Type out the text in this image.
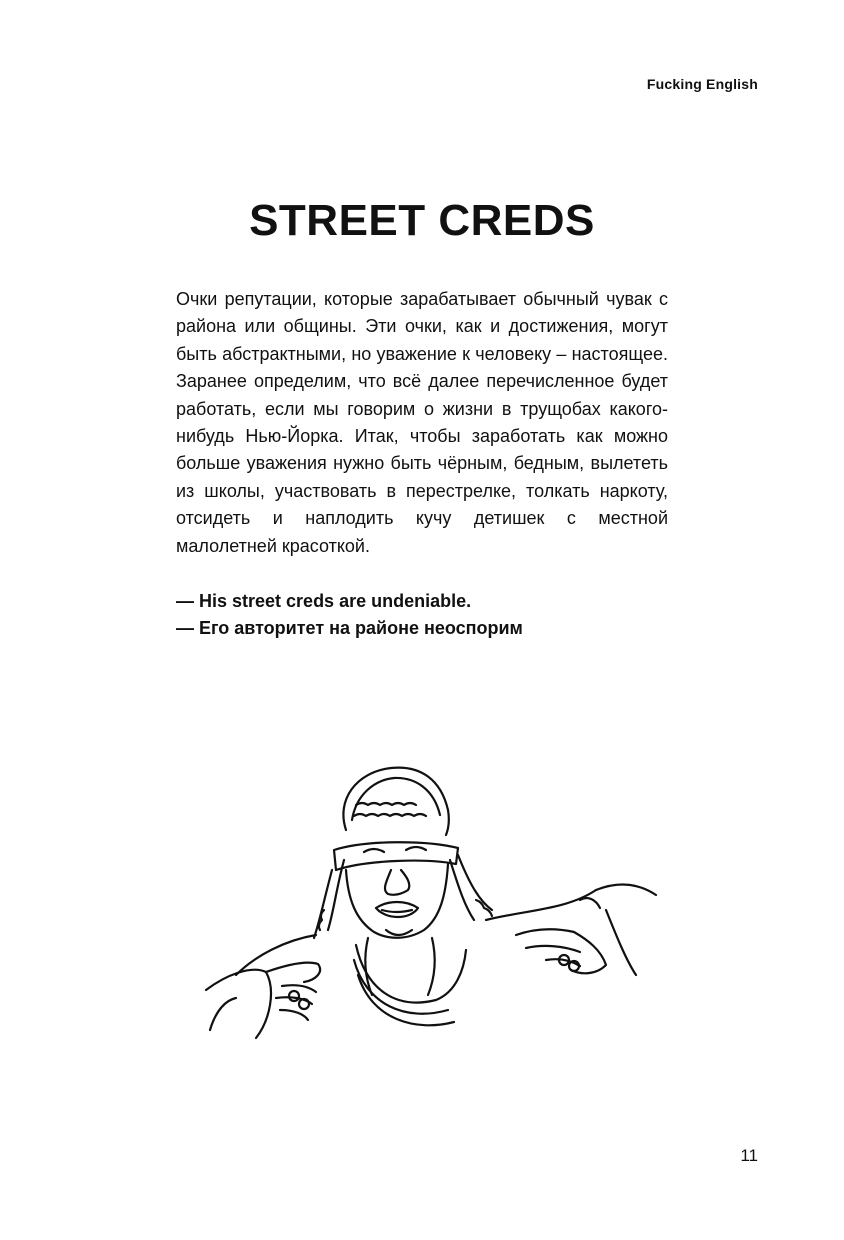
Fucking English
STREET CREDS

Очки репутации, которые зарабатывает обычный чувак с района или общины. Эти очки, как и достижения, могут быть абстрактными, но уважение к человеку – настоящее. Заранее определим, что всё далее перечисленное будет работать, если мы говорим о жизни в трущобах какого-нибудь Нью-Йорка. Итак, чтобы заработать как можно больше уважения нужно быть чёрным, бедным, вылететь из школы, участвовать в перестрелке, толкать наркоту, отсидеть и наплодить кучу детишек с местной малолетней красоткой.

— His street creds are undeniable.
— Его авторитет на районе неоспорим
11
